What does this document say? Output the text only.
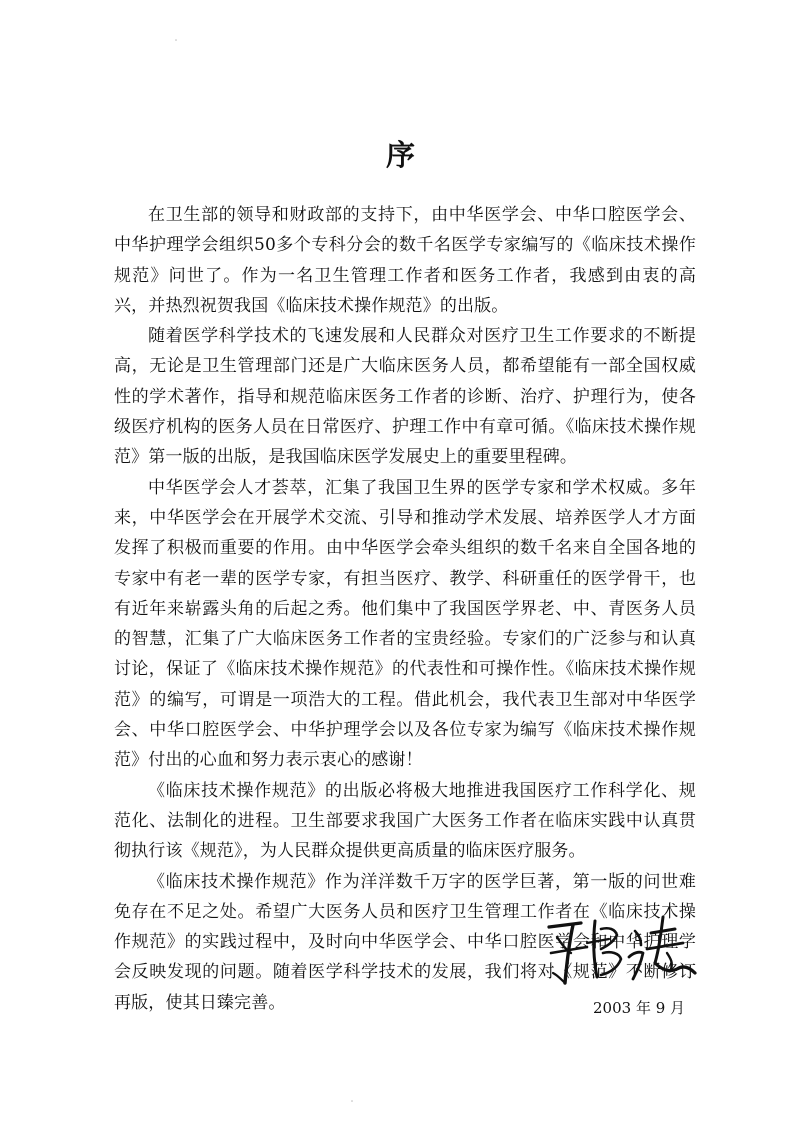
序

在卫生部的领导和财政部的支持下，由中华医学会、中华口腔医学会、中华护理学会组织50多个专科分会的数千名医学专家编写的《临床技术操作规范》问世了。作为一名卫生管理工作者和医务工作者，我感到由衷的高兴，并热烈祝贺我国《临床技术操作规范》的出版。

随着医学科学技术的飞速发展和人民群众对医疗卫生工作要求的不断提高，无论是卫生管理部门还是广大临床医务人员，都希望能有一部全国权威性的学术著作，指导和规范临床医务工作者的诊断、治疗、护理行为，使各级医疗机构的医务人员在日常医疗、护理工作中有章可循。《临床技术操作规范》第一版的出版，是我国临床医学发展史上的重要里程碑。

中华医学会人才荟萃，汇集了我国卫生界的医学专家和学术权威。多年来，中华医学会在开展学术交流、引导和推动学术发展、培养医学人才方面发挥了积极而重要的作用。由中华医学会牵头组织的数千名来自全国各地的专家中有老一辈的医学专家，有担当医疗、教学、科研重任的医学骨干，也有近年来崭露头角的后起之秀。他们集中了我国医学界老、中、青医务人员的智慧，汇集了广大临床医务工作者的宝贵经验。专家们的广泛参与和认真讨论，保证了《临床技术操作规范》的代表性和可操作性。《临床技术操作规范》的编写，可谓是一项浩大的工程。借此机会，我代表卫生部对中华医学会、中华口腔医学会、中华护理学会以及各位专家为编写《临床技术操作规范》付出的心血和努力表示衷心的感谢！

《临床技术操作规范》的出版必将极大地推进我国医疗工作科学化、规范化、法制化的进程。卫生部要求我国广大医务工作者在临床实践中认真贯彻执行该《规范》，为人民群众提供更高质量的临床医疗服务。

《临床技术操作规范》作为洋洋数千万字的医学巨著，第一版的问世难免存在不足之处。希望广大医务人员和医疗卫生管理工作者在《临床技术操作规范》的实践过程中，及时向中华医学会、中华口腔医学会和中华护理学会反映发现的问题。随着医学科学技术的发展，我们将对《规范》不断修订再版，使其日臻完善。	2003 年 9 月
